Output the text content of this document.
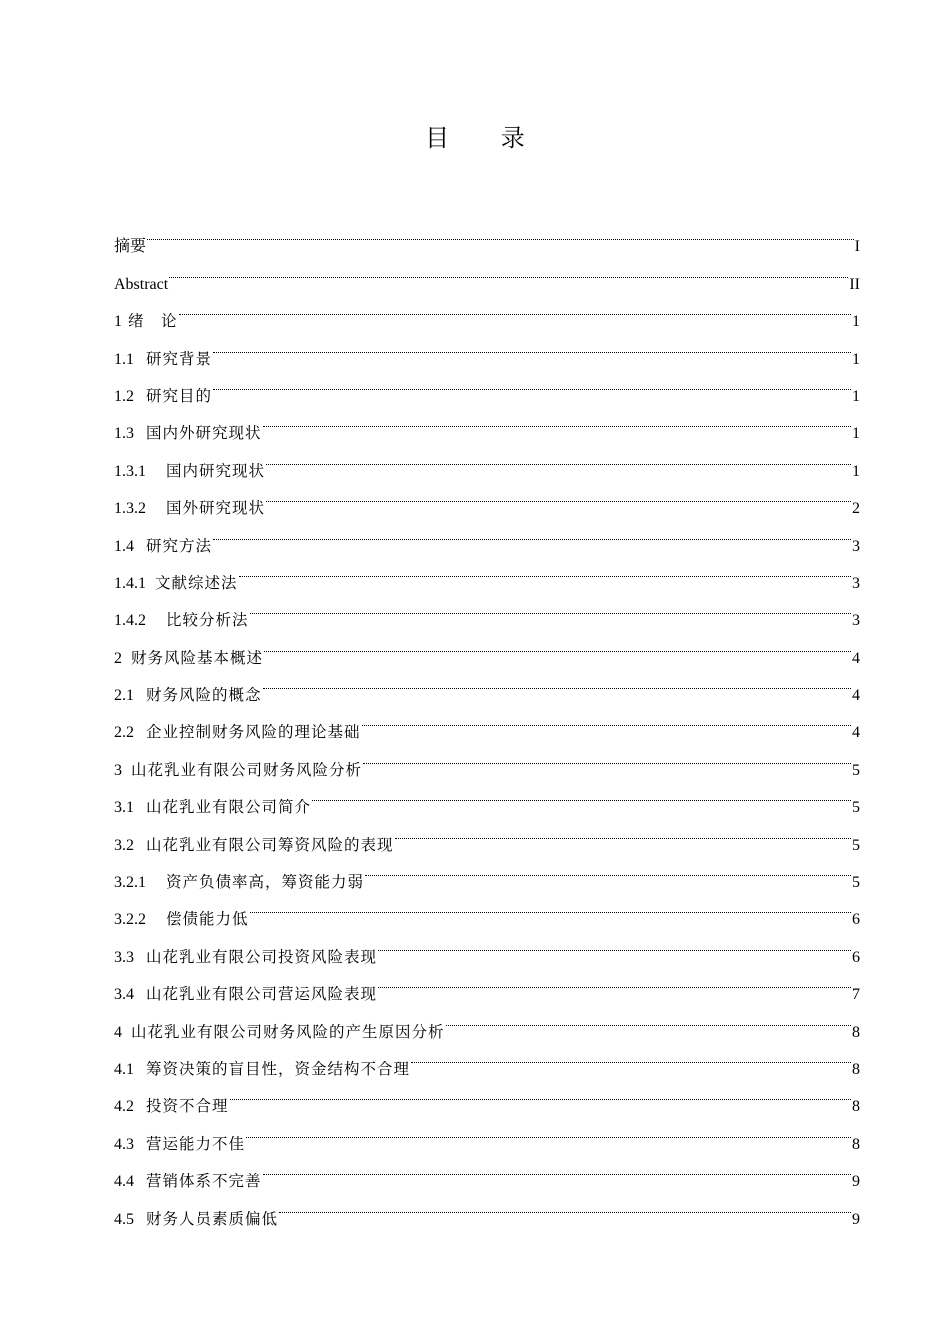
目 录
摘要	I
Abstract	II
1 绪　论	1
1.1 研究背景	1
1.2 研究目的	1
1.3 国内外研究现状	1
1.3.1 国内研究现状	1
1.3.2 国外研究现状	2
1.4 研究方法	3
1.4.1 文献综述法	3
1.4.2 比较分析法	3
2 财务风险基本概述	4
2.1 财务风险的概念	4
2.2 企业控制财务风险的理论基础	4
3 山花乳业有限公司财务风险分析	5
3.1 山花乳业有限公司简介	5
3.2 山花乳业有限公司筹资风险的表现	5
3.2.1 资产负债率高，筹资能力弱	5
3.2.2 偿债能力低	6
3.3 山花乳业有限公司投资风险表现	6
3.4 山花乳业有限公司营运风险表现	7
4 山花乳业有限公司财务风险的产生原因分析	8
4.1 筹资决策的盲目性，资金结构不合理	8
4.2 投资不合理	8
4.3 营运能力不佳	8
4.4 营销体系不完善	9
4.5 财务人员素质偏低	9
